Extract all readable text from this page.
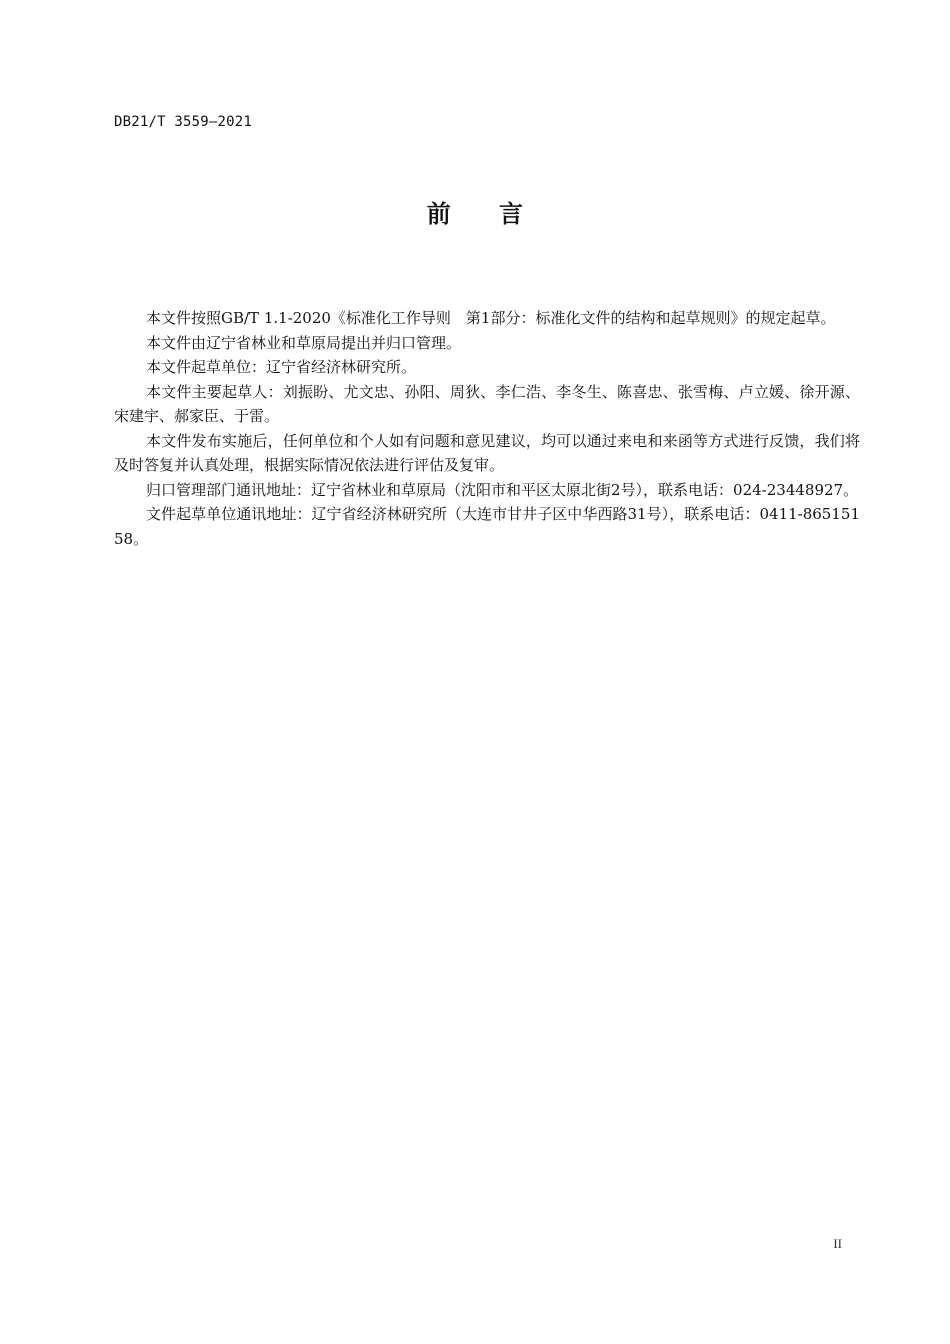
DB21/T 3559—2021
前 言

本文件按照GB/T 1.1-2020《标准化工作导则　第1部分：标准化文件的结构和起草规则》的规定起草。

本文件由辽宁省林业和草原局提出并归口管理。

本文件起草单位：辽宁省经济林研究所。

本文件主要起草人：刘振盼、尤文忠、孙阳、周狄、李仁浩、李冬生、陈喜忠、张雪梅、卢立媛、徐开源、宋建宇、郝家臣、于雷。

本文件发布实施后，任何单位和个人如有问题和意见建议，均可以通过来电和来函等方式进行反馈，我们将及时答复并认真处理，根据实际情况依法进行评估及复审。

归口管理部门通讯地址：辽宁省林业和草原局（沈阳市和平区太原北街2号），联系电话：024-23448927。

文件起草单位通讯地址：辽宁省经济林研究所（大连市甘井子区中华西路31号），联系电话：0411-86515158。

II
